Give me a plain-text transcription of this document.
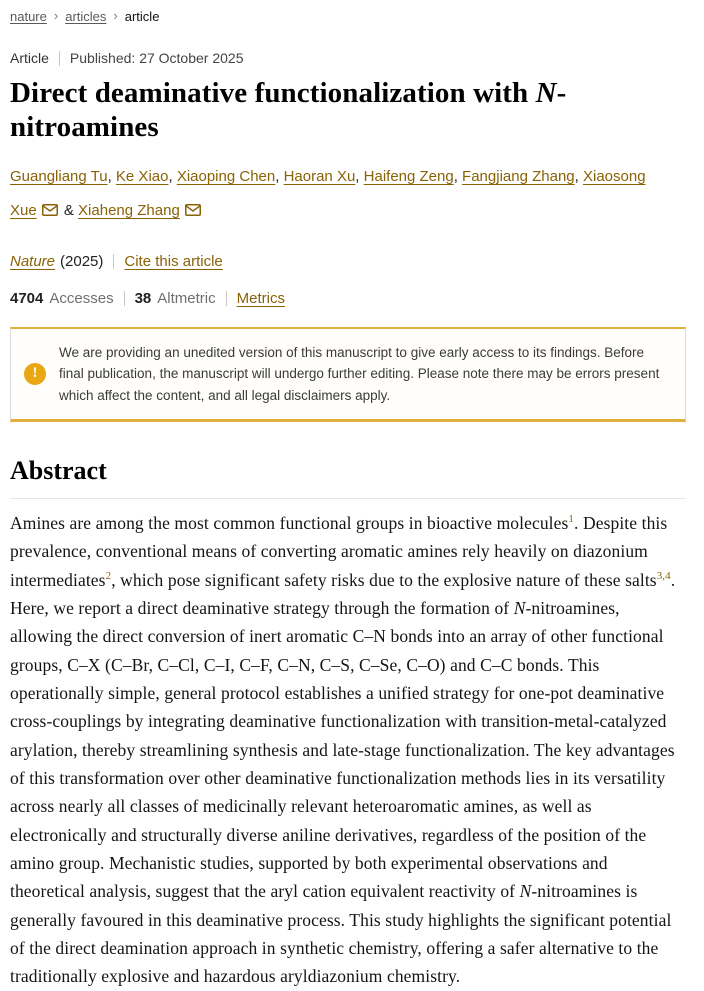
nature › articles › article
Article Published: 27 October 2025
Direct deaminative functionalization with N-nitroamines
Guangliang Tu, Ke Xiao, Xiaoping Chen, Haoran Xu, Haifeng Zeng, Fangjiang Zhang, Xiaosong Xue & Xiaheng Zhang
Nature (2025) Cite this article
4704 Accesses 38 Altmetric Metrics
!
We are providing an unedited version of this manuscript to give early access to its findings. Before final publication, the manuscript will undergo further editing. Please note there may be errors present which affect the content, and all legal disclaimers apply.
Abstract

Amines are among the most common functional groups in bioactive molecules$^1$. Despite this prevalence, conventional means of converting aromatic amines rely heavily on diazonium intermediates$^2$, which pose significant safety risks due to the explosive nature of these salts$^{3,4}$. Here, we report a direct deaminative strategy through the formation of N-nitroamines, allowing the direct conversion of inert aromatic C–N bonds into an array of other functional groups, C–X (C–Br, C–Cl, C–I, C–F, C–N, C–S, C–Se, C–O) and C–C bonds. This operationally simple, general protocol establishes a unified strategy for one-pot deaminative cross-couplings by integrating deaminative functionalization with transition-metal-catalyzed arylation, thereby streamlining synthesis and late-stage functionalization. The key advantages of this transformation over other deaminative functionalization methods lies in its versatility across nearly all classes of medicinally relevant heteroaromatic amines, as well as electronically and structurally diverse aniline derivatives, regardless of the position of the amino group. Mechanistic studies, supported by both experimental observations and theoretical analysis, suggest that the aryl cation equivalent reactivity of N-nitroamines is generally favoured in this deaminative process. This study highlights the significant potential of the direct deamination approach in synthetic chemistry, offering a safer alternative to the traditionally explosive and hazardous aryldiazonium chemistry.
